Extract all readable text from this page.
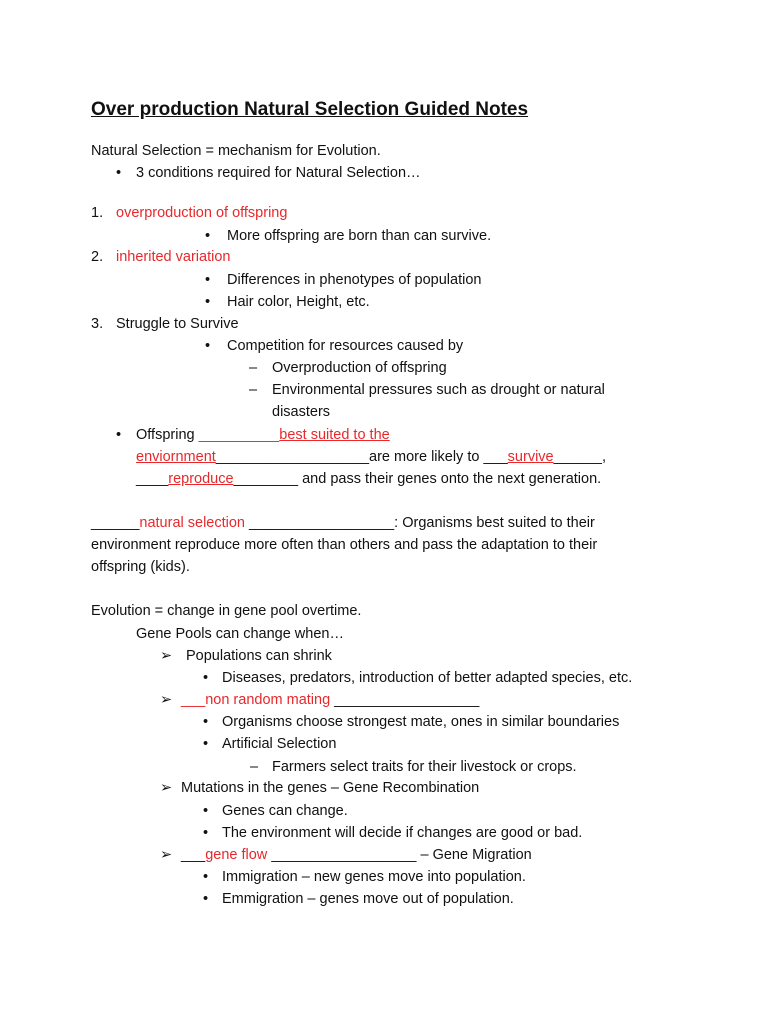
Over production Natural Selection Guided Notes
Natural Selection = mechanism for Evolution.
• 3 conditions required for Natural Selection…
1. overproduction of offspring
• More offspring are born than can survive.
2. inherited variation
• Differences in phenotypes of population
• Hair color, Height, etc.
3. Struggle to Survive
• Competition for resources caused by
– Overproduction of offspring
– Environmental pressures such as drought or natural
disasters
• Offspring __________best suited to the
enviornment___________________are more likely to ___survive______,
____reproduce________ and pass their genes onto the next generation.
______natural selection __________________: Organisms best suited to their
environment reproduce more often than others and pass the adaptation to their
offspring (kids).
Evolution = change in gene pool overtime.
Gene Pools can change when…
➢ Populations can shrink
• Diseases, predators, introduction of better adapted species, etc.
➢ ___non random mating __________________
• Organisms choose strongest mate, ones in similar boundaries
• Artificial Selection
– Farmers select traits for their livestock or crops.
➢ Mutations in the genes – Gene Recombination
• Genes can change.
• The environment will decide if changes are good or bad.
➢ ___gene flow __________________ – Gene Migration
• Immigration – new genes move into population.
• Emmigration – genes move out of population.
